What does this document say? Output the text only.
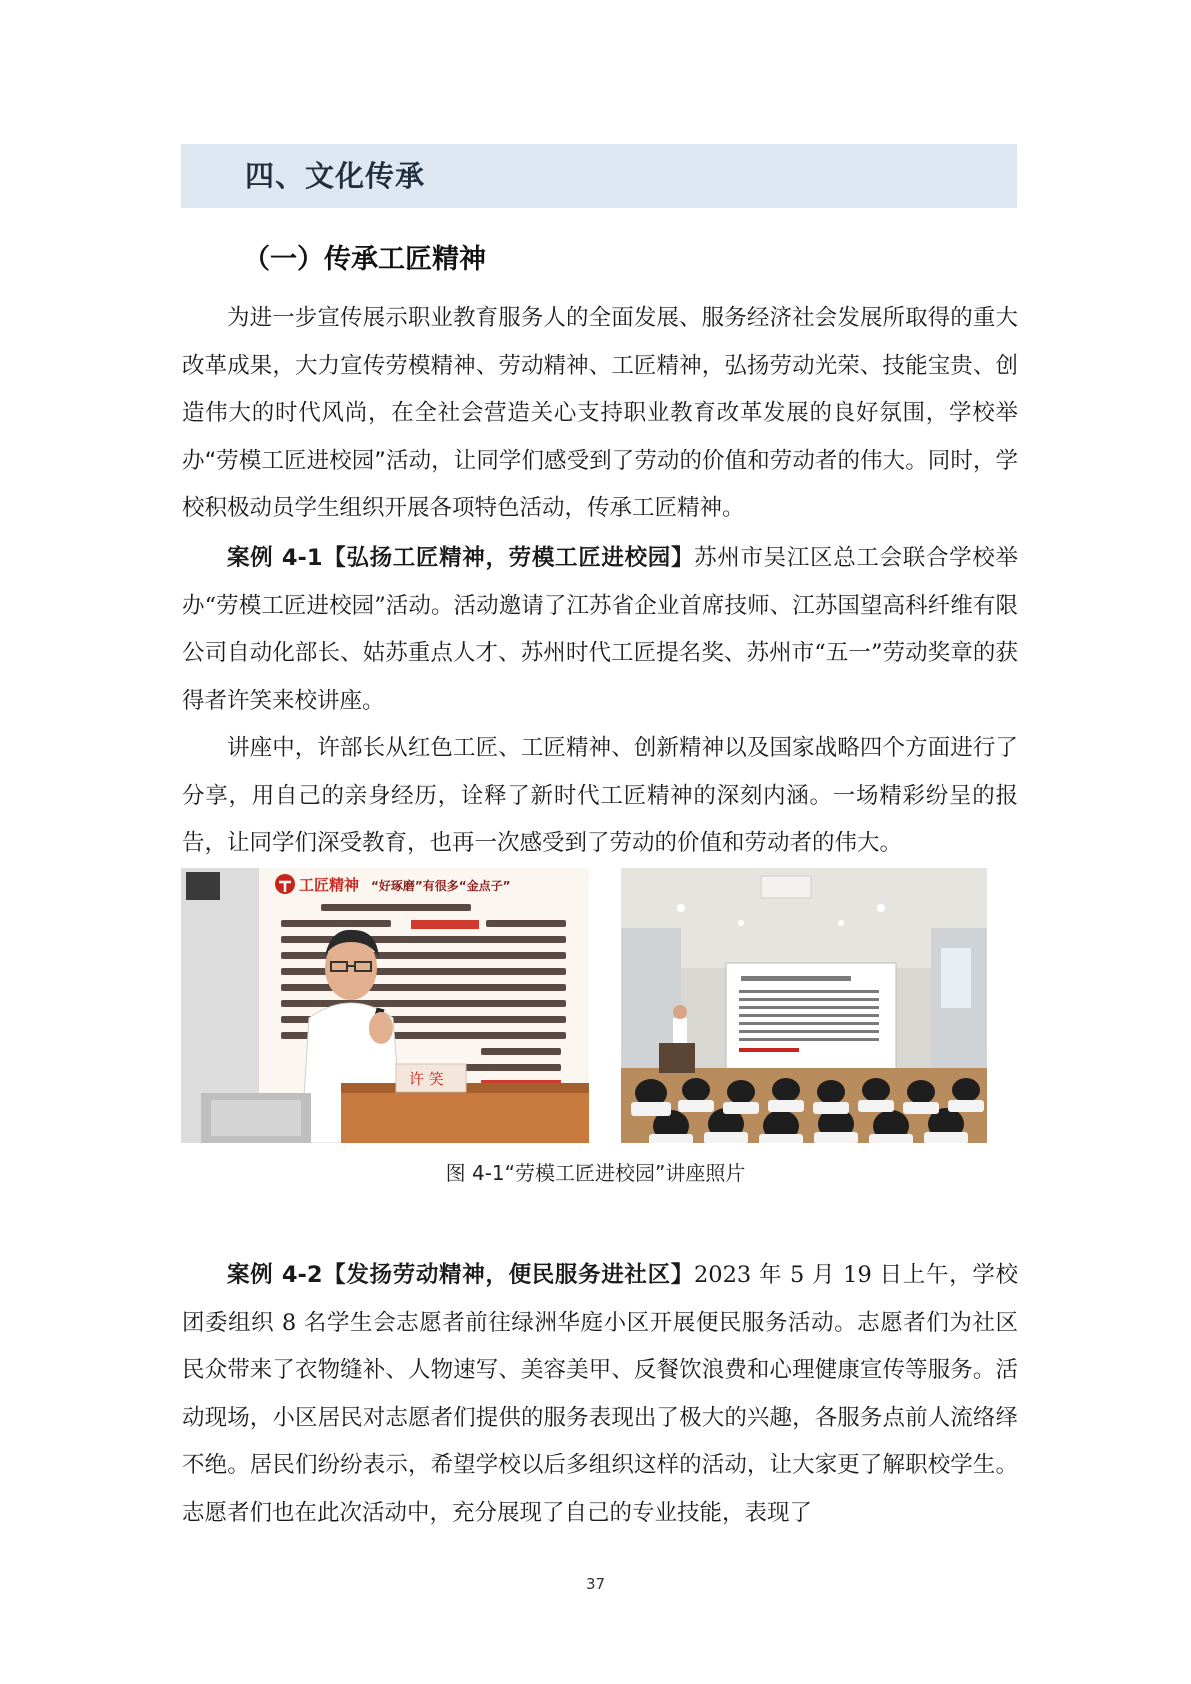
四、文化传承
（一）传承工匠精神

为进一步宣传展示职业教育服务人的全面发展、服务经济社会发展所取得的重大改革成果，大力宣传劳模精神、劳动精神、工匠精神，弘扬劳动光荣、技能宝贵、创造伟大的时代风尚，在全社会营造关心支持职业教育改革发展的良好氛围，学校举办“劳模工匠进校园”活动，让同学们感受到了劳动的价值和劳动者的伟大。同时，学校积极动员学生组织开展各项特色活动，传承工匠精神。

案例 4-1【弘扬工匠精神，劳模工匠进校园】苏州市吴江区总工会联合学校举办“劳模工匠进校园”活动。活动邀请了江苏省企业首席技师、江苏国望高科纤维有限公司自动化部长、姑苏重点人才、苏州时代工匠提名奖、苏州市“五一”劳动奖章的获得者许笑来校讲座。

讲座中，许部长从红色工匠、工匠精神、创新精神以及国家战略四个方面进行了分享，用自己的亲身经历，诠释了新时代工匠精神的深刻内涵。一场精彩纷呈的报告，让同学们深受教育，也再一次感受到了劳动的价值和劳动者的伟大。

工匠精神 “好琢磨”有很多“金点子”
许 笑
图 4-1“劳模工匠进校园”讲座照片

案例 4-2【发扬劳动精神，便民服务进社区】2023 年 5 月 19 日上午，学校团委组织 8 名学生会志愿者前往绿洲华庭小区开展便民服务活动。志愿者们为社区民众带来了衣物缝补、人物速写、美容美甲、反餐饮浪费和心理健康宣传等服务。活动现场，小区居民对志愿者们提供的服务表现出了极大的兴趣，各服务点前人流络绎不绝。居民们纷纷表示，希望学校以后多组织这样的活动，让大家更了解职校学生。志愿者们也在此次活动中，充分展现了自己的专业技能，表现了

37
